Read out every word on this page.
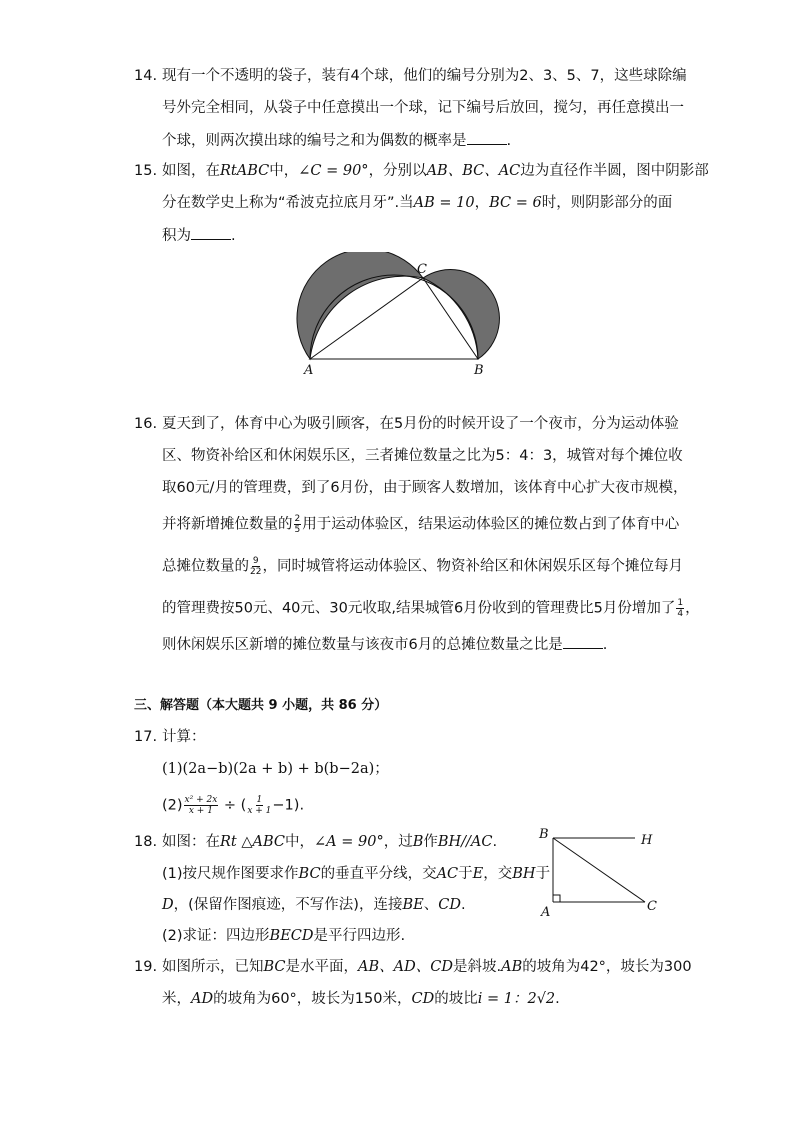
14. 现有一个不透明的袋子，装有4个球，他们的编号分别为2、3、5、7，这些球除编
号外完全相同，从袋子中任意摸出一个球，记下编号后放回，搅匀，再任意摸出一
个球，则两次摸出球的编号之和为偶数的概率是	.
15. 如图，在RtABC中，∠C = 90°，分别以AB、BC、AC边为直径作半圆，图中阴影部
分在数学史上称为“希波克拉底月牙”.当AB = 10，BC = 6时，则阴影部分的面
积为	.
A	B
C
16. 夏天到了，体育中心为吸引顾客，在5月份的时候开设了一个夜市，分为运动体验
区、物资补给区和休闲娱乐区，三者摊位数量之比为5：4：3，城管对每个摊位收
取60元/月的管理费，到了6月份，由于顾客人数增加，该体育中心扩大夜市规模，
并将新增摊位数量的 $\frac{2}{5}$ 用于运动体验区，结果运动体验区的摊位数占到了体育中心
总摊位数量的 $\frac{9}{22}$ ，同时城管将运动体验区、物资补给区和休闲娱乐区每个摊位每月
的管理费按50元、40元、30元收取,结果城管6月份收到的管理费比5月份增加了 $\frac{1}{4}$ ，
则休闲娱乐区新增的摊位数量与该夜市6月的总摊位数量之比是	.
三、解答题（本大题共 9 小题，共 86 分）
17. 计算：
(1)(2a−b)(2a + b) + b(b−2a)；
$(2) \frac{\text{x² + 2x}}{x + 1}$ ÷ ( $\frac{1}{x + 1} -1$).
18. 如图：在Rt △ABC中，∠A = 90°，过B作BH//AC.
(1)按尺规作图要求作BC的垂直平分线，交AC于E，交BH于
D，(保留作图痕迹，不写作法)，连接BE、CD.
(2)求证：四边形BECD是平行四边形.
B	H
A	C
19. 如图所示，已知BC是水平面，AB、AD、CD是斜坡.AB的坡角为42°，坡长为300
米，AD的坡角为60°，坡长为150米，CD的坡比i = 1：2√2.
